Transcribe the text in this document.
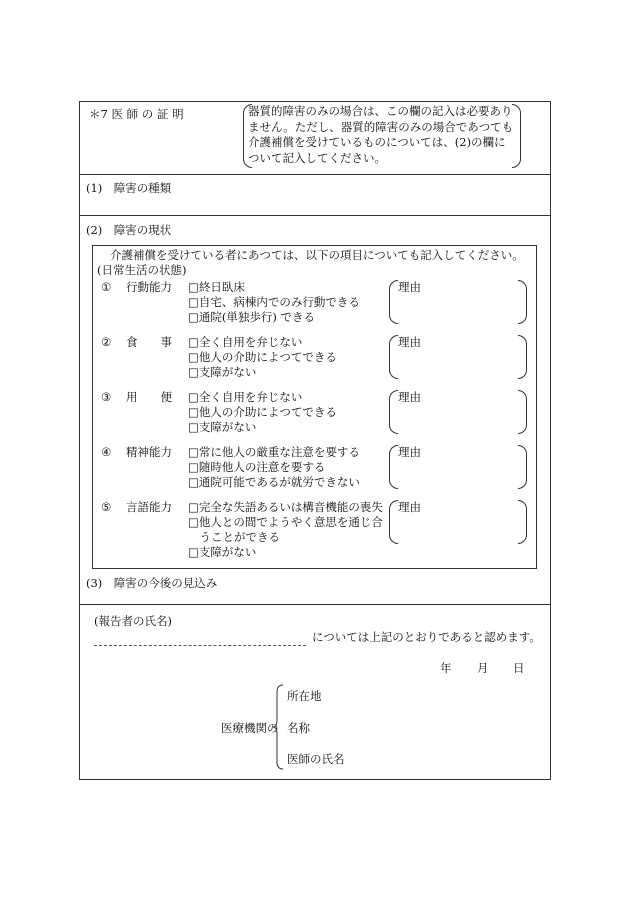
＊7 医 師 の 証 明	器質的障害のみの場合は、この欄の記入は必要ありません。ただし、器質的障害のみの場合であつても介護補償を受けているものについては、(2)の欄について記入してください。
(1)　障害の種類
(2)　障害の現状
介護補償を受けている者にあつては、以下の項目についても記入してください。
(日常生活の状態)
① 行動能力 □終日臥床
□自宅、病棟内でのみ行動できる
□通院(単独歩行) できる
理由
② 食　　事 □全く自用を弁じない
□他人の介助によつてできる
□支障がない
理由
③ 用　　便 □全く自用を弁じない
□他人の介助によつてできる
□支障がない
理由
④ 精神能力 □常に他人の厳重な注意を要する
□随時他人の注意を要する
□通院可能であるが就労できない
理由
⑤ 言語能力 □完全な失語あるいは構音機能の喪失
□他人との間でようやく意思を通じ合
　うことができる
□支障がない
理由
(3)　障害の今後の見込み
(報告者の氏名)
については上記のとおりであると認めます。
年 月 日
医療機関の
所在地
名称
医師の氏名
